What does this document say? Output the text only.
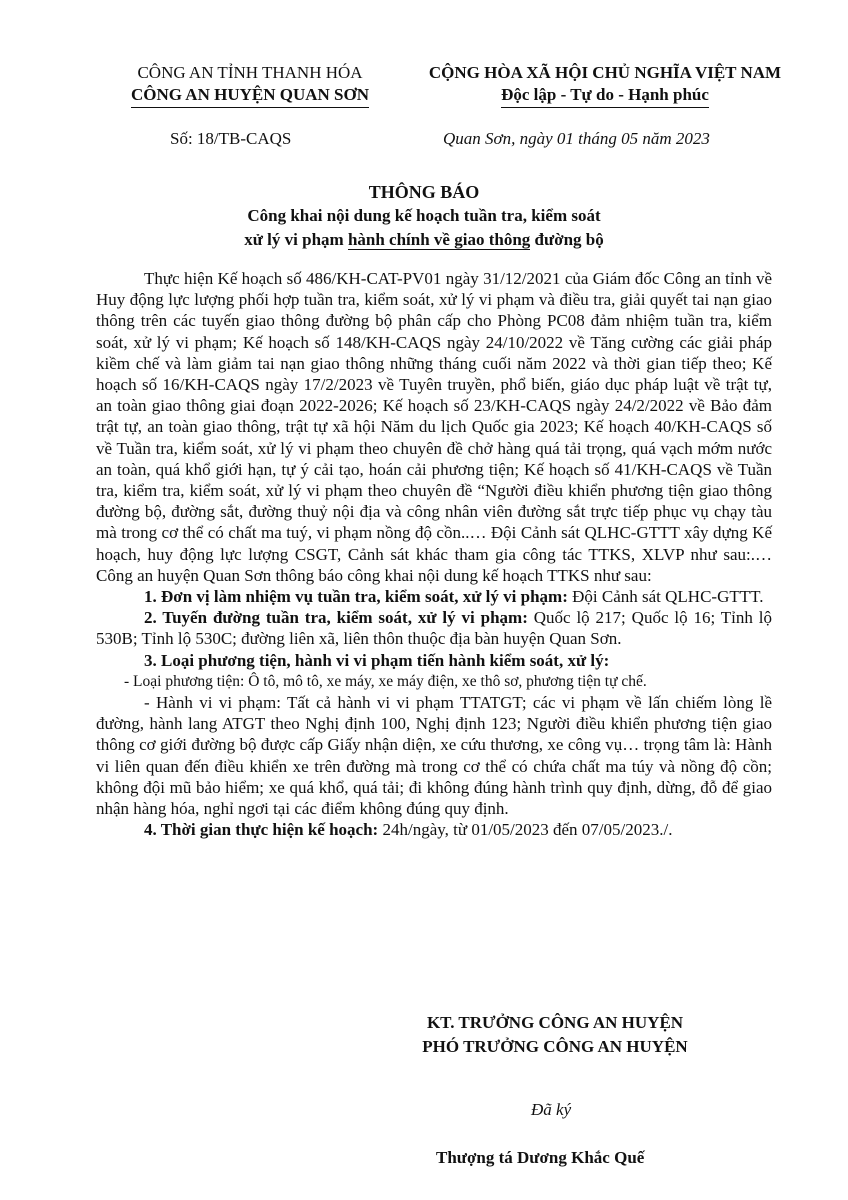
CÔNG AN TỈNH THANH HÓA
CÔNG AN HUYỆN QUAN SƠN
CỘNG HÒA XÃ HỘI CHỦ NGHĨA VIỆT NAM
Độc lập - Tự do - Hạnh phúc
Số: 18/TB-CAQS	Quan Sơn, ngày 01 tháng 05 năm 2023
THÔNG BÁO
Công khai nội dung kế hoạch tuần tra, kiểm soát
xử lý vi phạm hành chính về giao thông đường bộ

Thực hiện Kế hoạch số 486/KH-CAT-PV01 ngày 31/12/2021 của Giám đốc Công an tỉnh về Huy động lực lượng phối hợp tuần tra, kiểm soát, xử lý vi phạm và điều tra, giải quyết tai nạn giao thông trên các tuyến giao thông đường bộ phân cấp cho Phòng PC08 đảm nhiệm tuần tra, kiểm soát, xử lý vi phạm; Kế hoạch số 148/KH-CAQS ngày 24/10/2022 về Tăng cường các giải pháp kiềm chế và làm giảm tai nạn giao thông những tháng cuối năm 2022 và thời gian tiếp theo; Kế hoạch số 16/KH-CAQS ngày 17/2/2023 về Tuyên truyền, phổ biến, giáo dục pháp luật về trật tự, an toàn giao thông giai đoạn 2022-2026; Kế hoạch số 23/KH-CAQS ngày 24/2/2022 về Bảo đảm trật tự, an toàn giao thông, trật tự xã hội Năm du lịch Quốc gia 2023; Kế hoạch 40/KH-CAQS số về Tuần tra, kiểm soát, xử lý vi phạm theo chuyên đề chở hàng quá tải trọng, quá vạch mớm nước an toàn, quá khổ giới hạn, tự ý cải tạo, hoán cải phương tiện; Kế hoạch số 41/KH-CAQS về Tuần tra, kiểm tra, kiểm soát, xử lý vi phạm theo chuyên đề “Người điều khiển phương tiện giao thông đường bộ, đường sắt, đường thuỷ nội địa và công nhân viên đường sắt trực tiếp phục vụ chạy tàu mà trong cơ thể có chất ma tuý, vi phạm nồng độ cồn..… Đội Cảnh sát QLHC-GTTT xây dựng Kế hoạch, huy động lực lượng CSGT, Cảnh sát khác tham gia công tác TTKS, XLVP như sau:.… Công an huyện Quan Sơn thông báo công khai nội dung kế hoạch TTKS như sau:

1. Đơn vị làm nhiệm vụ tuần tra, kiểm soát, xử lý vi phạm: Đội Cảnh sát QLHC-GTTT.

2. Tuyến đường tuần tra, kiểm soát, xử lý vi phạm: Quốc lộ 217; Quốc lộ 16; Tỉnh lộ 530B; Tỉnh lộ 530C; đường liên xã, liên thôn thuộc địa bàn huyện Quan Sơn.

3. Loại phương tiện, hành vi vi phạm tiến hành kiểm soát, xử lý:

- Loại phương tiện: Ô tô, mô tô, xe máy, xe máy điện, xe thô sơ, phương tiện tự chế.

- Hành vi vi phạm: Tất cả hành vi vi phạm TTATGT; các vi phạm về lấn chiếm lòng lề đường, hành lang ATGT theo Nghị định 100, Nghị định 123; Người điều khiển phương tiện giao thông cơ giới đường bộ được cấp Giấy nhận diện, xe cứu thương, xe công vụ… trọng tâm là: Hành vi liên quan đến điều khiển xe trên đường mà trong cơ thể có chứa chất ma túy và nồng độ cồn; không đội mũ bảo hiểm; xe quá khổ, quá tải; đi không đúng hành trình quy định, dừng, đỗ để giao nhận hàng hóa, nghỉ ngơi tại các điểm không đúng quy định.

4. Thời gian thực hiện kế hoạch: 24h/ngày, từ 01/05/2023 đến 07/05/2023./.

KT. TRƯỞNG CÔNG AN HUYỆN
PHÓ TRƯỞNG CÔNG AN HUYỆN
Đã ký
Thượng tá Dương Khắc Quế
